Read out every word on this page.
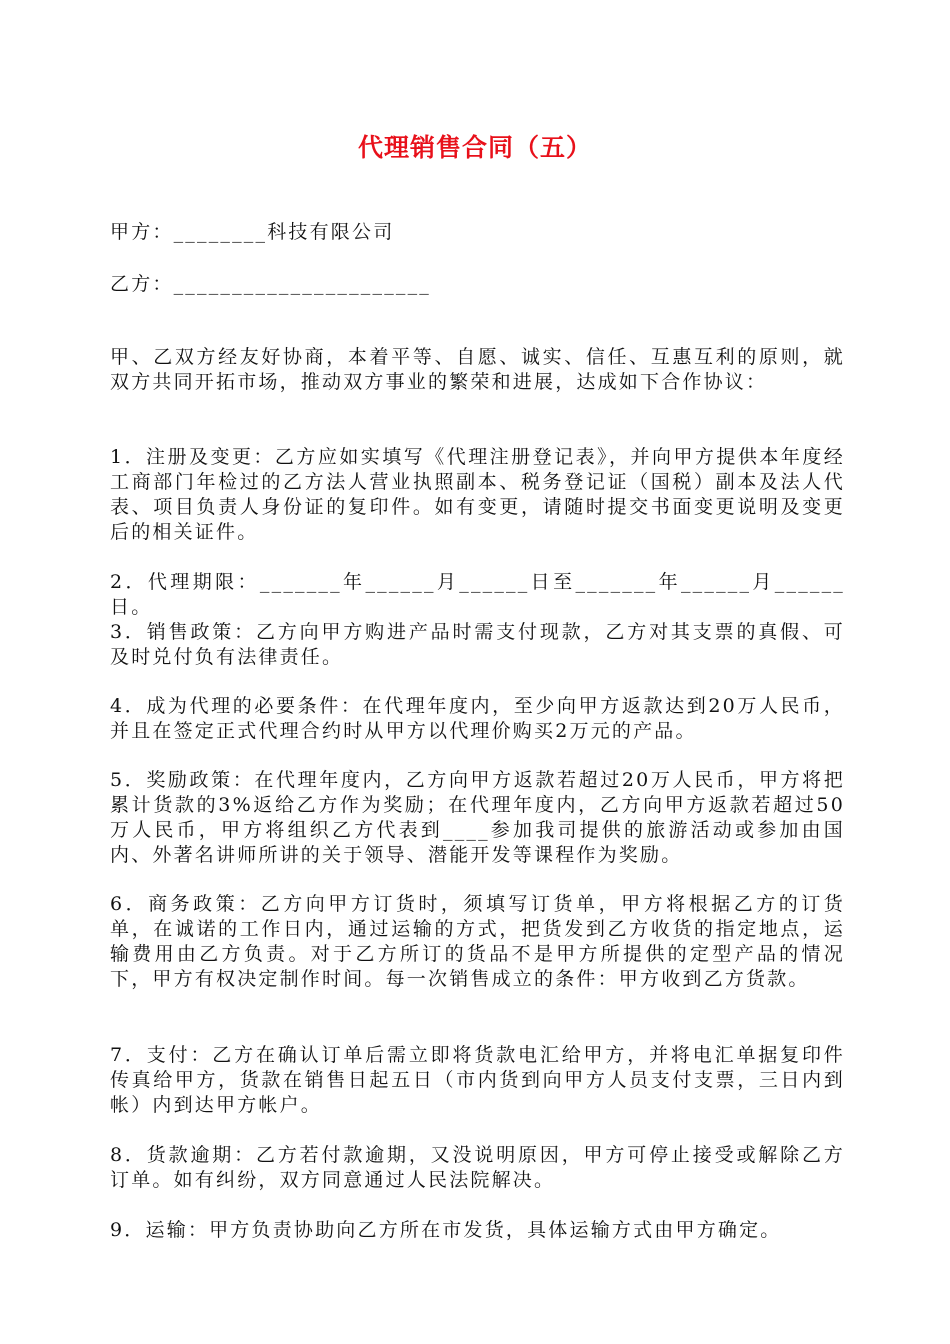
代理销售合同（五）
甲方：________科技有限公司
乙方：______________________
甲、乙双方经友好协商，本着平等、自愿、诚实、信任、互惠互利的原则，就双方共同开拓市场，推动双方事业的繁荣和进展，达成如下合作协议：
1．注册及变更：乙方应如实填写《代理注册登记表》，并向甲方提供本年度经工商部门年检过的乙方法人营业执照副本、税务登记证（国税）副本及法人代表、项目负责人身份证的复印件。如有变更，请随时提交书面变更说明及变更后的相关证件。
2．代理期限：_______年______月______日至_______年______月______日。
3．销售政策：乙方向甲方购进产品时需支付现款，乙方对其支票的真假、可及时兑付负有法律责任。
4．成为代理的必要条件：在代理年度内，至少向甲方返款达到20万人民币，并且在签定正式代理合约时从甲方以代理价购买2万元的产品。
5．奖励政策：在代理年度内，乙方向甲方返款若超过20万人民币，甲方将把累计货款的3%返给乙方作为奖励；在代理年度内，乙方向甲方返款若超过50万人民币，甲方将组织乙方代表到____参加我司提供的旅游活动或参加由国内、外著名讲师所讲的关于领导、潜能开发等课程作为奖励。
6．商务政策：乙方向甲方订货时，须填写订货单，甲方将根据乙方的订货单，在诚诺的工作日内，通过运输的方式，把货发到乙方收货的指定地点，运输费用由乙方负责。对于乙方所订的货品不是甲方所提供的定型产品的情况下，甲方有权决定制作时间。每一次销售成立的条件：甲方收到乙方货款。
7．支付：乙方在确认订单后需立即将货款电汇给甲方，并将电汇单据复印件传真给甲方，货款在销售日起五日（市内货到向甲方人员支付支票，三日内到帐）内到达甲方帐户。
8．货款逾期：乙方若付款逾期，又没说明原因，甲方可停止接受或解除乙方订单。如有纠纷，双方同意通过人民法院解决。
9．运输：甲方负责协助向乙方所在市发货，具体运输方式由甲方确定。
